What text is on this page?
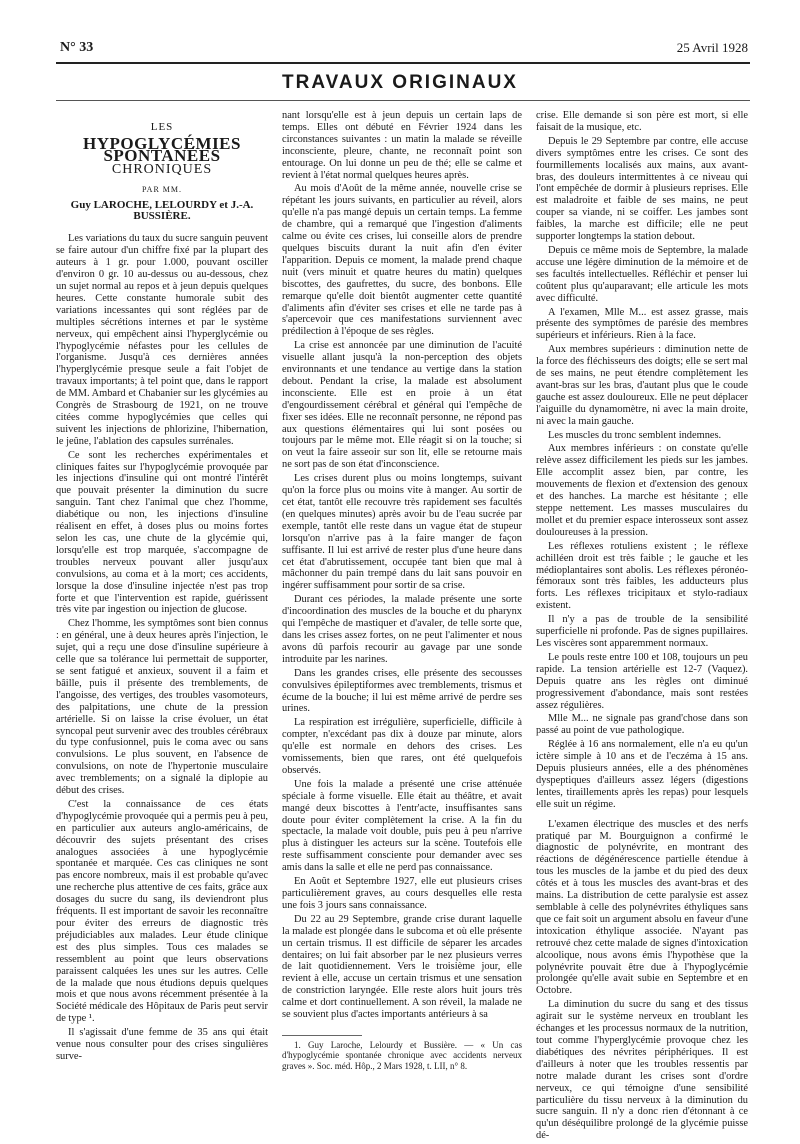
N° 33	25 Avril 1928
TRAVAUX ORIGINAUX
LES
HYPOGLYCÉMIES SPONTANÉES
CHRONIQUES
PAR MM.
Guy LAROCHE, LELOURDY et J.-A. BUSSIÈRE.

Les variations du taux du sucre sanguin peuvent se faire autour d'un chiffre fixé par la plupart des auteurs à 1 gr. pour 1.000, pouvant osciller d'environ 0 gr. 10 au-dessus ou au-dessous, chez un sujet normal au repos et à jeun depuis quelques heures. Cette constante humorale subit des variations incessantes qui sont réglées par de multiples sécrétions internes et par le système nerveux, qui empêchent ainsi l'hyperglycémie ou l'hypoglycémie néfastes pour les cellules de l'organisme. Jusqu'à ces dernières années l'hyperglycémie presque seule a fait l'objet de travaux importants; à tel point que, dans le rapport de MM. Ambard et Chabanier sur les glycémies au Congrès de Strasbourg de 1921, on ne trouve citées comme hypoglycémies que celles qui suivent les injections de phlorizine, l'hibernation, le jeûne, l'ablation des capsules surrénales.

Ce sont les recherches expérimentales et cliniques faites sur l'hypoglycémie provoquée par les injections d'insuline qui ont montré l'intérêt que pouvait présenter la diminution du sucre sanguin. Tant chez l'animal que chez l'homme, diabétique ou non, les injections d'insuline réalisent en effet, à doses plus ou moins fortes selon les cas, une chute de la glycémie qui, lorsqu'elle est trop marquée, s'accompagne de troubles nerveux pouvant aller jusqu'aux convulsions, au coma et à la mort; ces accidents, lorsque la dose d'insuline injectée n'est pas trop forte et que l'intervention est rapide, guérissent très vite par ingestion ou injection de glucose.

Chez l'homme, les symptômes sont bien connus : en général, une à deux heures après l'injection, le sujet, qui a reçu une dose d'insuline supérieure à celle que sa tolérance lui permettait de supporter, se sent fatigué et anxieux, souvent il a faim et bâille, puis il présente des tremblements, de l'angoisse, des vertiges, des troubles vasomoteurs, des palpitations, une chute de la pression artérielle. Si on laisse la crise évoluer, un état syncopal peut survenir avec des troubles cérébraux du type confusionnel, puis le coma avec ou sans convulsions. Le plus souvent, en l'absence de convulsions, on note de l'hypertonie musculaire avec tremblements; on a signalé la diplopie au début des crises.

C'est la connaissance de ces états d'hypoglycémie provoquée qui a permis peu à peu, en particulier aux auteurs anglo-américains, de découvrir des sujets présentant des crises analogues associées à une hypoglycémie spontanée et marquée. Ces cas cliniques ne sont pas encore nombreux, mais il est probable qu'avec une recherche plus attentive de ces faits, grâce aux dosages du sucre du sang, ils deviendront plus fréquents. Il est important de savoir les reconnaître pour éviter des erreurs de diagnostic très préjudiciables aux malades. Leur étude clinique est des plus simples. Tous ces malades se ressemblent au point que leurs observations paraissent calquées les unes sur les autres. Celle de la malade que nous étudions depuis quelques mois et que nous avons récemment présentée à la Société médicale des Hôpitaux de Paris peut servir de type ¹.

Il s'agissait d'une femme de 35 ans qui était venue nous consulter pour des crises singulières surve-

nant lorsqu'elle est à jeun depuis un certain laps de temps. Elles ont débuté en Février 1924 dans les circonstances suivantes : un matin la malade se réveille inconsciente, pleure, chante, ne reconnaît point son entourage. On lui donne un peu de thé; elle se calme et revient à l'état normal quelques heures après.

Au mois d'Août de la même année, nouvelle crise se répétant les jours suivants, en particulier au réveil, alors qu'elle n'a pas mangé depuis un certain temps. La femme de chambre, qui a remarqué que l'ingestion d'aliments calme ou évite ces crises, lui conseille alors de prendre quelques biscuits durant la nuit afin d'en éviter l'apparition. Depuis ce moment, la malade prend chaque nuit (vers minuit et quatre heures du matin) quelques biscottes, des gaufrettes, du sucre, des bonbons. Elle remarque qu'elle doit bientôt augmenter cette quantité d'aliments afin d'éviter ses crises et elle ne tarde pas à s'apercevoir que ces manifestations surviennent avec prédilection à l'époque de ses règles.

La crise est annoncée par une diminution de l'acuité visuelle allant jusqu'à la non-perception des objets environnants et une tendance au vertige dans la station debout. Pendant la crise, la malade est absolument inconsciente. Elle est en proie à un état d'engourdissement cérébral et général qui l'empêche de fixer ses idées. Elle ne reconnaît personne, ne répond pas aux questions élémentaires qui lui sont posées ou toujours par le même mot. Elle réagit si on la touche; si on veut la faire asseoir sur son lit, elle se retourne mais ne sort pas de son état d'inconscience.

Les crises durent plus ou moins longtemps, suivant qu'on la force plus ou moins vite à manger. Au sortir de cet état, tantôt elle recouvre très rapidement ses facultés (en quelques minutes) après avoir bu de l'eau sucrée par exemple, tantôt elle reste dans un vague état de stupeur lorsqu'on n'arrive pas à la faire manger de façon suffisante. Il lui est arrivé de rester plus d'une heure dans cet état d'abrutissement, occupée tant bien que mal à mâchonner du pain trempé dans du lait sans pouvoir en ingérer suffisamment pour sortir de sa crise.

Durant ces périodes, la malade présente une sorte d'incoordination des muscles de la bouche et du pharynx qui l'empêche de mastiquer et d'avaler, de telle sorte que, dans les crises assez fortes, on ne peut l'alimenter et nous avons dû parfois recourir au gavage par une sonde introduite par les narines.

Dans les grandes crises, elle présente des secousses convulsives épileptiformes avec tremblements, trismus et écume de la bouche; il lui est même arrivé de perdre ses urines.

La respiration est irrégulière, superficielle, difficile à compter, n'excédant pas dix à douze par minute, alors qu'elle est normale en dehors des crises. Les vomissements, bien que rares, ont été quelquefois observés.

Une fois la malade a présenté une crise atténuée spéciale à forme visuelle. Elle était au théâtre, et avait mangé deux biscottes à l'entr'acte, insuffisantes sans doute pour éviter complètement la crise. A la fin du spectacle, la malade voit double, puis peu à peu n'arrive plus à distinguer les acteurs sur la scène. Toutefois elle reste suffisamment consciente pour demander avec ses amis dans la salle et elle ne perd pas connaissance.

En Août et Septembre 1927, elle eut plusieurs crises particulièrement graves, au cours desquelles elle resta une fois 3 jours sans connaissance.

Du 22 au 29 Septembre, grande crise durant laquelle la malade est plongée dans le subcoma et où elle présente un certain trismus. Il est difficile de séparer les arcades dentaires; on lui fait absorber par le nez plusieurs verres de lait quotidiennement. Vers le troisième jour, elle revient à elle, accuse un certain trismus et une sensation de constriction laryngée. Elle reste alors huit jours très calme et dort continuellement. A son réveil, la malade ne se souvient plus d'actes importants antérieurs à sa

1. Guy Laroche, Lelourdy et Bussière. — « Un cas d'hypoglycémie spontanée chronique avec accidents nerveux graves ». Soc. méd. Hôp., 2 Mars 1928, t. LII, n° 8.

crise. Elle demande si son père est mort, si elle faisait de la musique, etc.

Depuis le 29 Septembre par contre, elle accuse divers symptômes entre les crises. Ce sont des fourmillements localisés aux mains, aux avant-bras, des douleurs intermittentes à ce niveau qui l'ont empêchée de dormir à plusieurs reprises. Elle est maladroite et faible de ses mains, ne peut couper sa viande, ni se coiffer. Les jambes sont faibles, la marche est difficile; elle ne peut supporter longtemps la station debout.

Depuis ce même mois de Septembre, la malade accuse une légère diminution de la mémoire et de ses facultés intellectuelles. Réfléchir et penser lui coûtent plus qu'auparavant; elle articule les mots avec difficulté.

A l'examen, Mlle M... est assez grasse, mais présente des symptômes de parésie des membres supérieurs et inférieurs. Rien à la face.

Aux membres supérieurs : diminution nette de la force des fléchisseurs des doigts; elle se sert mal de ses mains, ne peut étendre complètement les avant-bras sur les bras, d'autant plus que le coude gauche est assez douloureux. Elle ne peut déplacer l'aiguille du dynamomètre, ni avec la main droite, ni avec la main gauche.

Les muscles du tronc semblent indemnes.

Aux membres inférieurs : on constate qu'elle relève assez difficilement les pieds sur les jambes. Elle accomplit assez bien, par contre, les mouvements de flexion et d'extension des genoux et des hanches. La marche est hésitante ; elle steppe nettement. Les masses musculaires du mollet et du premier espace interosseux sont assez douloureuses à la pression.

Les réflexes rotuliens existent ; le réflexe achilléen droit est très faible ; le gauche et les médioplantaires sont abolis. Les réflexes péronéo-fémoraux sont très faibles, les adducteurs plus forts. Les réflexes tricipitaux et stylo-radiaux existent.

Il n'y a pas de trouble de la sensibilité superficielle ni profonde. Pas de signes pupillaires. Les viscères sont apparemment normaux.

Le pouls reste entre 100 et 108, toujours un peu rapide. La tension artérielle est 12-7 (Vaquez). Depuis quatre ans les règles ont diminué progressivement d'abondance, mais sont restées assez régulières.

Mlle M... ne signale pas grand'chose dans son passé au point de vue pathologique.

Réglée à 16 ans normalement, elle n'a eu qu'un ictère simple à 10 ans et de l'eczéma à 15 ans. Depuis plusieurs années, elle a des phénomènes dyspeptiques d'ailleurs assez légers (digestions lentes, tiraillements après les repas) pour lesquels elle suit un régime.

L'examen électrique des muscles et des nerfs pratiqué par M. Bourguignon a confirmé le diagnostic de polynévrite, en montrant des réactions de dégénérescence partielle étendue à tous les muscles de la jambe et du pied des deux côtés et à tous les muscles des avant-bras et des mains. La distribution de cette paralysie est assez semblable à celle des polynévrites éthyliques sans que ce fait soit un argument absolu en faveur d'une intoxication éthylique associée. N'ayant pas retrouvé chez cette malade de signes d'intoxication alcoolique, nous avons émis l'hypothèse que la polynévrite pouvait être due à l'hypoglycémie prolongée qu'elle avait subie en Septembre et en Octobre.

La diminution du sucre du sang et des tissus agirait sur le système nerveux en troublant les échanges et les processus normaux de la nutrition, tout comme l'hyperglycémie provoque chez les diabétiques des névrites périphériques. Il est d'ailleurs à noter que les troubles ressentis par notre malade durant les crises sont d'ordre nerveux, ce qui témoigne d'une sensibilité particulière du tissu nerveux à la diminution du sucre sanguin. Il n'y a donc rien d'étonnant à ce qu'un déséquilibre prolongé de la glycémie puisse dé-
